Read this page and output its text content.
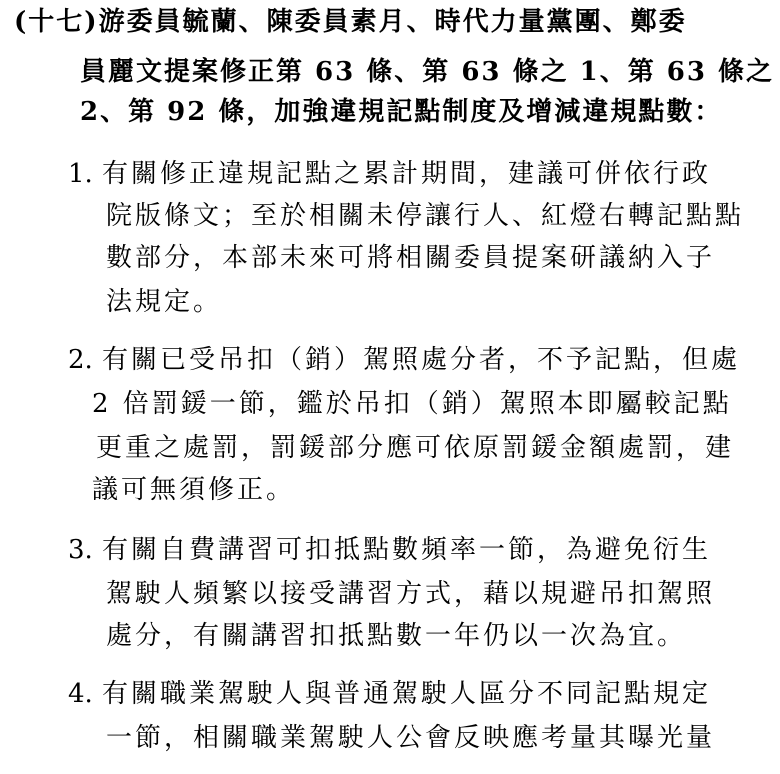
(十七)游委員毓蘭、陳委員素月、時代力量黨團、鄭委
員麗文提案修正第 63 條、第 63 條之 1、第 63 條之
2、第 92 條，加強違規記點制度及增減違規點數：
1. 有關修正違規記點之累計期間，建議可併依行政
院版條文；至於相關未停讓行人、紅燈右轉記點點
數部分，本部未來可將相關委員提案研議納入子
法規定。
2. 有關已受吊扣（銷）駕照處分者，不予記點，但處
2 倍罰鍰一節，鑑於吊扣（銷）駕照本即屬較記點
更重之處罰，罰鍰部分應可依原罰鍰金額處罰，建
議可無須修正。
3. 有關自費講習可扣抵點數頻率一節，為避免衍生
駕駛人頻繁以接受講習方式，藉以規避吊扣駕照
處分，有關講習扣抵點數一年仍以一次為宜。
4. 有關職業駕駛人與普通駕駛人區分不同記點規定
一節，相關職業駕駛人公會反映應考量其曝光量
